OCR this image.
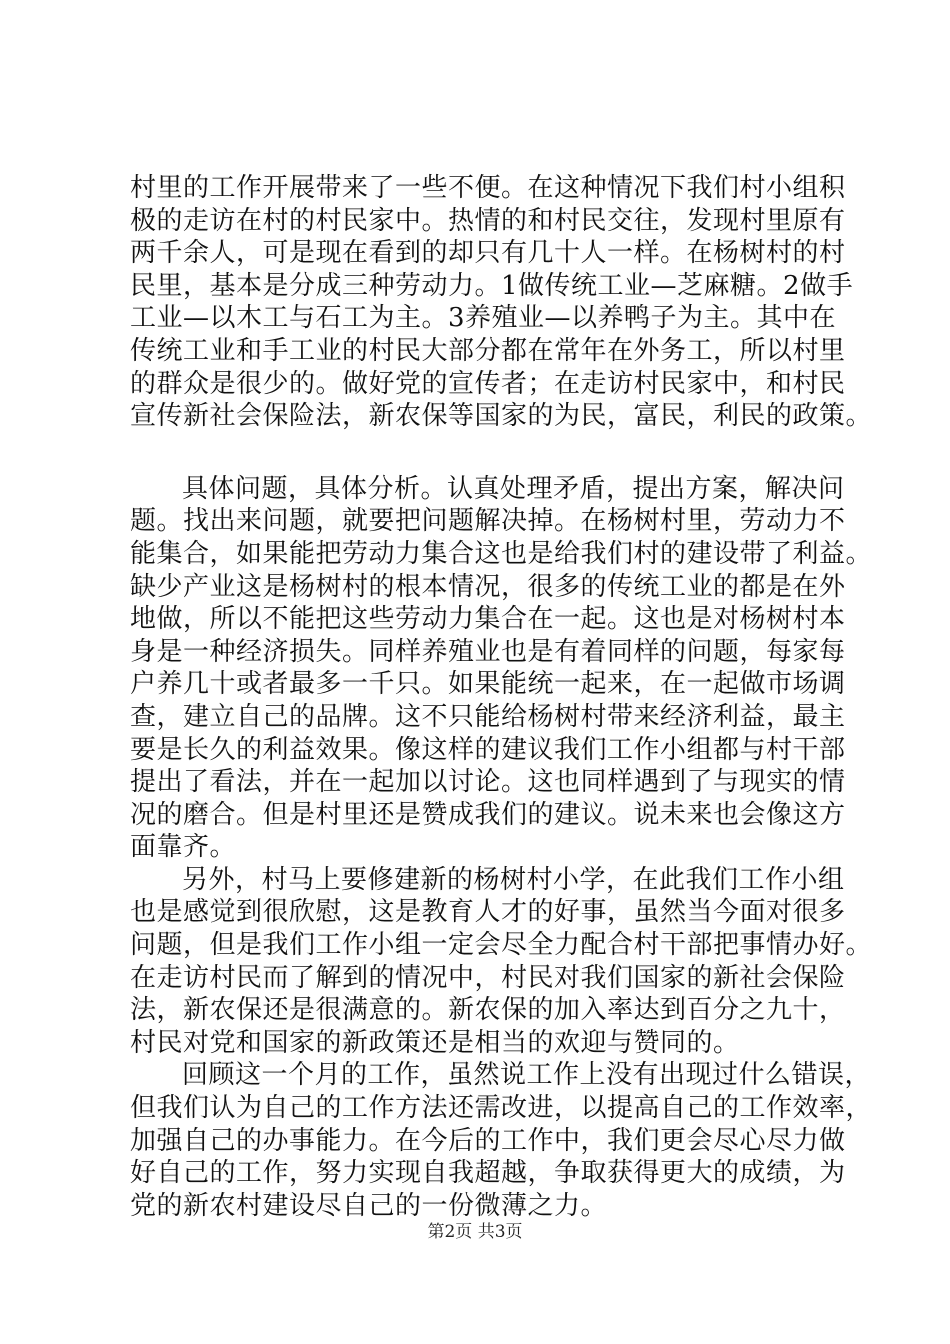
村里的工作开展带来了一些不便。在这种情况下我们村小组积
极的走访在村的村民家中。热情的和村民交往，发现村里原有
两千余人，可是现在看到的却只有几十人一样。在杨树村的村
民里，基本是分成三种劳动力。1做传统工业—芝麻糖。2做手
工业—以木工与石工为主。3养殖业—以养鸭子为主。其中在
传统工业和手工业的村民大部分都在常年在外务工，所以村里
的群众是很少的。做好党的宣传者；在走访村民家中，和村民
宣传新社会保险法，新农保等国家的为民，富民，利民的政策。
具体问题，具体分析。认真处理矛盾，提出方案，解决问
题。找出来问题，就要把问题解决掉。在杨树村里，劳动力不
能集合，如果能把劳动力集合这也是给我们村的建设带了利益。
缺少产业这是杨树村的根本情况，很多的传统工业的都是在外
地做，所以不能把这些劳动力集合在一起。这也是对杨树村本
身是一种经济损失。同样养殖业也是有着同样的问题，每家每
户养几十或者最多一千只。如果能统一起来，在一起做市场调
查，建立自己的品牌。这不只能给杨树村带来经济利益，最主
要是长久的利益效果。像这样的建议我们工作小组都与村干部
提出了看法，并在一起加以讨论。这也同样遇到了与现实的情
况的磨合。但是村里还是赞成我们的建议。说未来也会像这方
面靠齐。
另外，村马上要修建新的杨树村小学，在此我们工作小组
也是感觉到很欣慰，这是教育人才的好事，虽然当今面对很多
问题，但是我们工作小组一定会尽全力配合村干部把事情办好。
在走访村民而了解到的情况中，村民对我们国家的新社会保险
法，新农保还是很满意的。新农保的加入率达到百分之九十，
村民对党和国家的新政策还是相当的欢迎与赞同的。
回顾这一个月的工作，虽然说工作上没有出现过什么错误，
但我们认为自己的工作方法还需改进，以提高自己的工作效率，
加强自己的办事能力。在今后的工作中，我们更会尽心尽力做
好自己的工作，努力实现自我超越，争取获得更大的成绩，为
党的新农村建设尽自己的一份微薄之力。
第2页 共3页
